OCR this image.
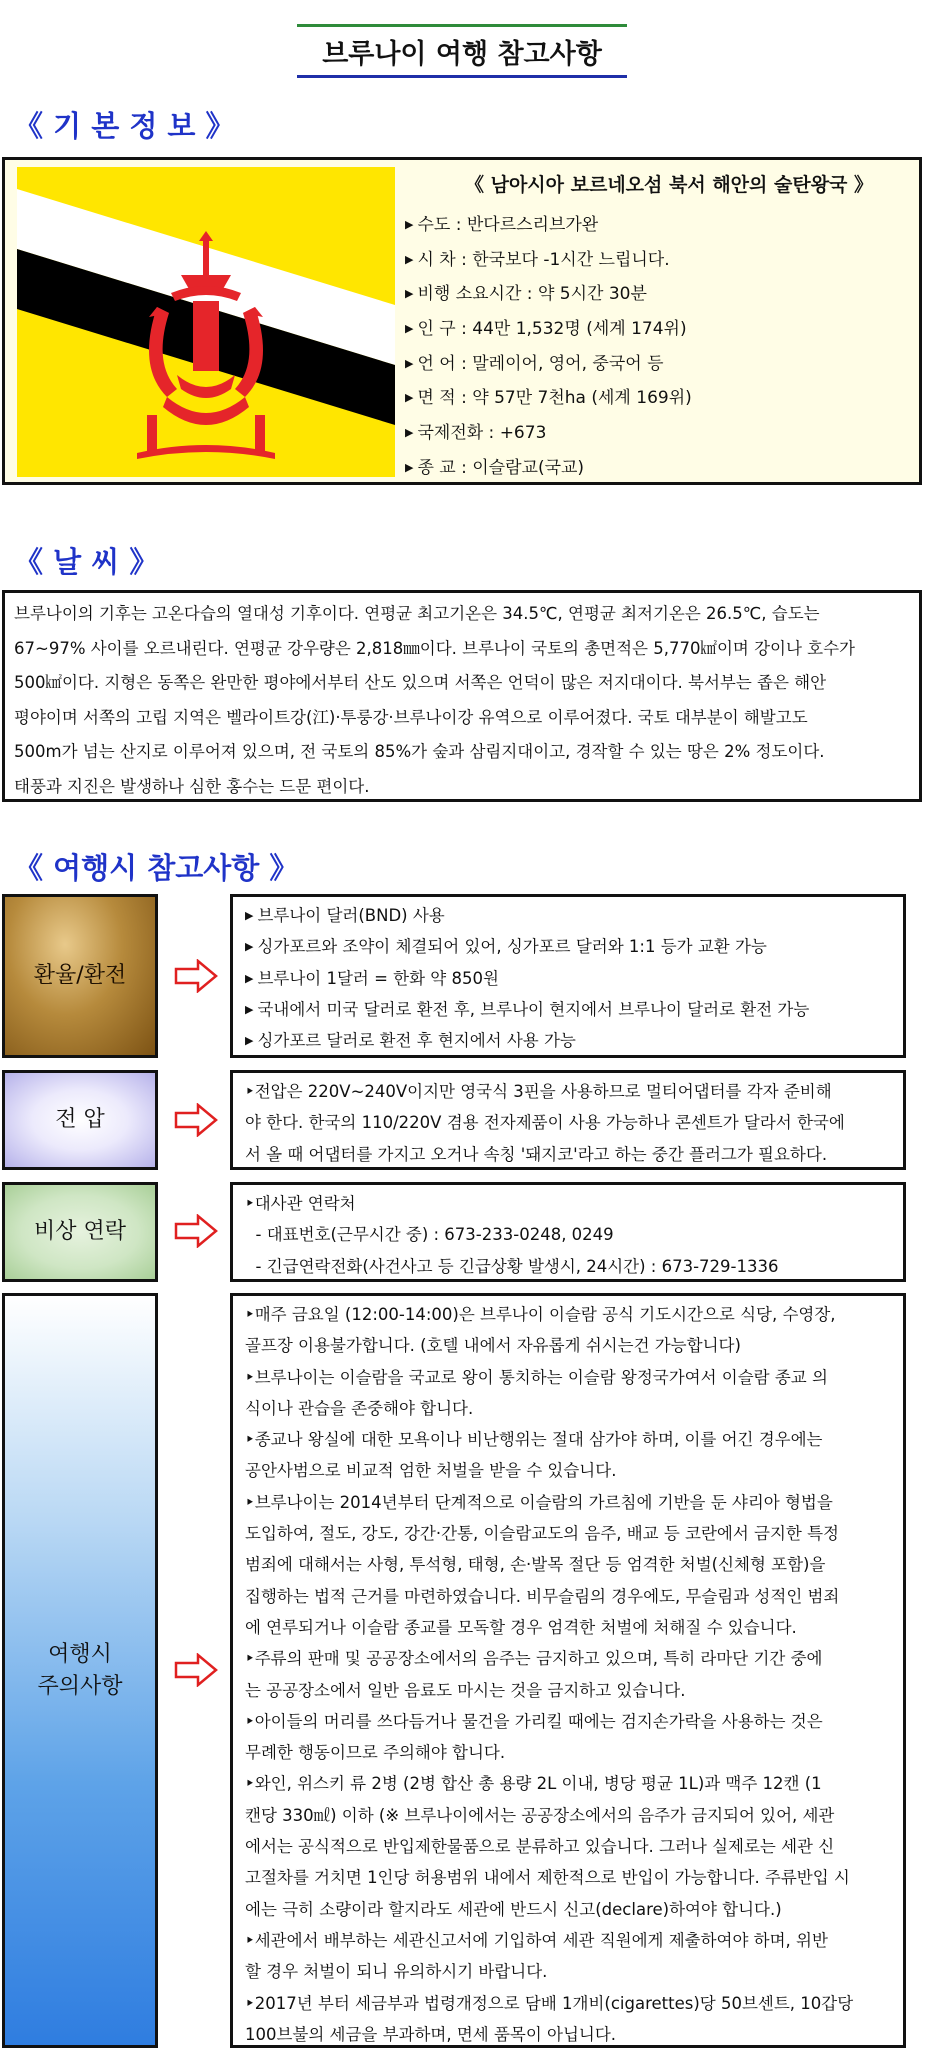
브루나이 여행 참고사항
《 기 본 정 보 》
《 남아시아 보르네오섬 북서 해안의 술탄왕국 》
▶ 수도 : 반다르스리브가완
▶ 시 차 : 한국보다 -1시간 느립니다.
▶ 비행 소요시간 : 약 5시간 30분
▶ 인 구 : 44만 1,532명 (세계 174위)
▶ 언 어 : 말레이어, 영어, 중국어 등
▶ 면 적 : 약 57만 7천ha (세계 169위)
▶ 국제전화 : +673
▶ 종 교 : 이슬람교(국교)
《 날 씨 》
브루나이의 기후는 고온다습의 열대성 기후이다. 연평균 최고기온은 34.5℃, 연평균 최저기온은 26.5℃, 습도는
67~97% 사이를 오르내린다. 연평균 강우량은 2,818㎜이다. 브루나이 국토의 총면적은 5,770㎢이며 강이나 호수가
500㎢이다. 지형은 동쪽은 완만한 평야에서부터 산도 있으며 서쪽은 언덕이 많은 저지대이다. 북서부는 좁은 해안
평야이며 서쪽의 고립 지역은 벨라이트강(江)·투룽강·브루나이강 유역으로 이루어졌다. 국토 대부분이 해발고도
500m가 넘는 산지로 이루어져 있으며, 전 국토의 85%가 숲과 삼림지대이고, 경작할 수 있는 땅은 2% 정도이다.
태풍과 지진은 발생하나 심한 홍수는 드문 편이다.
《 여행시 참고사항 》
환율/환전
▶ 브루나이 달러(BND) 사용
▶ 싱가포르와 조약이 체결되어 있어, 싱가포르 달러와 1:1 등가 교환 가능
▶ 브루나이 1달러 = 한화 약 850원
▶ 국내에서 미국 달러로 환전 후, 브루나이 현지에서 브루나이 달러로 환전 가능
▶ 싱가포르 달러로 환전 후 현지에서 사용 가능
전 압
‣전압은 220V~240V이지만 영국식 3핀을 사용하므로 멀티어댑터를 각자 준비해
야 한다. 한국의 110/220V 겸용 전자제품이 사용 가능하나 콘센트가 달라서 한국에
서 올 때 어댑터를 가지고 오거나 속칭 '돼지코'라고 하는 중간 플러그가 필요하다.
비상 연락
‣대사관 연락처
- 대표번호(근무시간 중) : 673-233-0248, 0249
- 긴급연락전화(사건사고 등 긴급상황 발생시, 24시간) : 673-729-1336
여행시
주의사항
‣매주 금요일 (12:00-14:00)은 브루나이 이슬람 공식 기도시간으로 식당, 수영장,
골프장 이용불가합니다. (호텔 내에서 자유롭게 쉬시는건 가능합니다)
‣브루나이는 이슬람을 국교로 왕이 통치하는 이슬람 왕정국가여서 이슬람 종교 의
식이나 관습을 존중해야 합니다.
‣종교나 왕실에 대한 모욕이나 비난행위는 절대 삼가야 하며, 이를 어긴 경우에는
공안사범으로 비교적 엄한 처벌을 받을 수 있습니다.
‣브루나이는 2014년부터 단계적으로 이슬람의 가르침에 기반을 둔 샤리아 형법을
도입하여, 절도, 강도, 강간·간통, 이슬람교도의 음주, 배교 등 코란에서 금지한 특정
범죄에 대해서는 사형, 투석형, 태형, 손·발목 절단 등 엄격한 처벌(신체형 포함)을
집행하는 법적 근거를 마련하였습니다. 비무슬림의 경우에도, 무슬림과 성적인 범죄
에 연루되거나 이슬람 종교를 모독할 경우 엄격한 처벌에 처해질 수 있습니다.
‣주류의 판매 및 공공장소에서의 음주는 금지하고 있으며, 특히 라마단 기간 중에
는 공공장소에서 일반 음료도 마시는 것을 금지하고 있습니다.
‣아이들의 머리를 쓰다듬거나 물건을 가리킬 때에는 검지손가락을 사용하는 것은
무례한 행동이므로 주의해야 합니다.
‣와인, 위스키 류 2병 (2병 합산 총 용량 2L 이내, 병당 평균 1L)과 맥주 12캔 (1
캔당 330㎖) 이하 (※ 브루나이에서는 공공장소에서의 음주가 금지되어 있어, 세관
에서는 공식적으로 반입제한물품으로 분류하고 있습니다. 그러나 실제로는 세관 신
고절차를 거치면 1인당 허용범위 내에서 제한적으로 반입이 가능합니다. 주류반입 시
에는 극히 소량이라 할지라도 세관에 반드시 신고(declare)하여야 합니다.)
‣세관에서 배부하는 세관신고서에 기입하여 세관 직원에게 제출하여야 하며, 위반
할 경우 처벌이 되니 유의하시기 바랍니다.
‣2017년 부터 세금부과 법령개정으로 담배 1개비(cigarettes)당 50브센트, 10갑당
100브불의 세금을 부과하며, 면세 품목이 아닙니다.
